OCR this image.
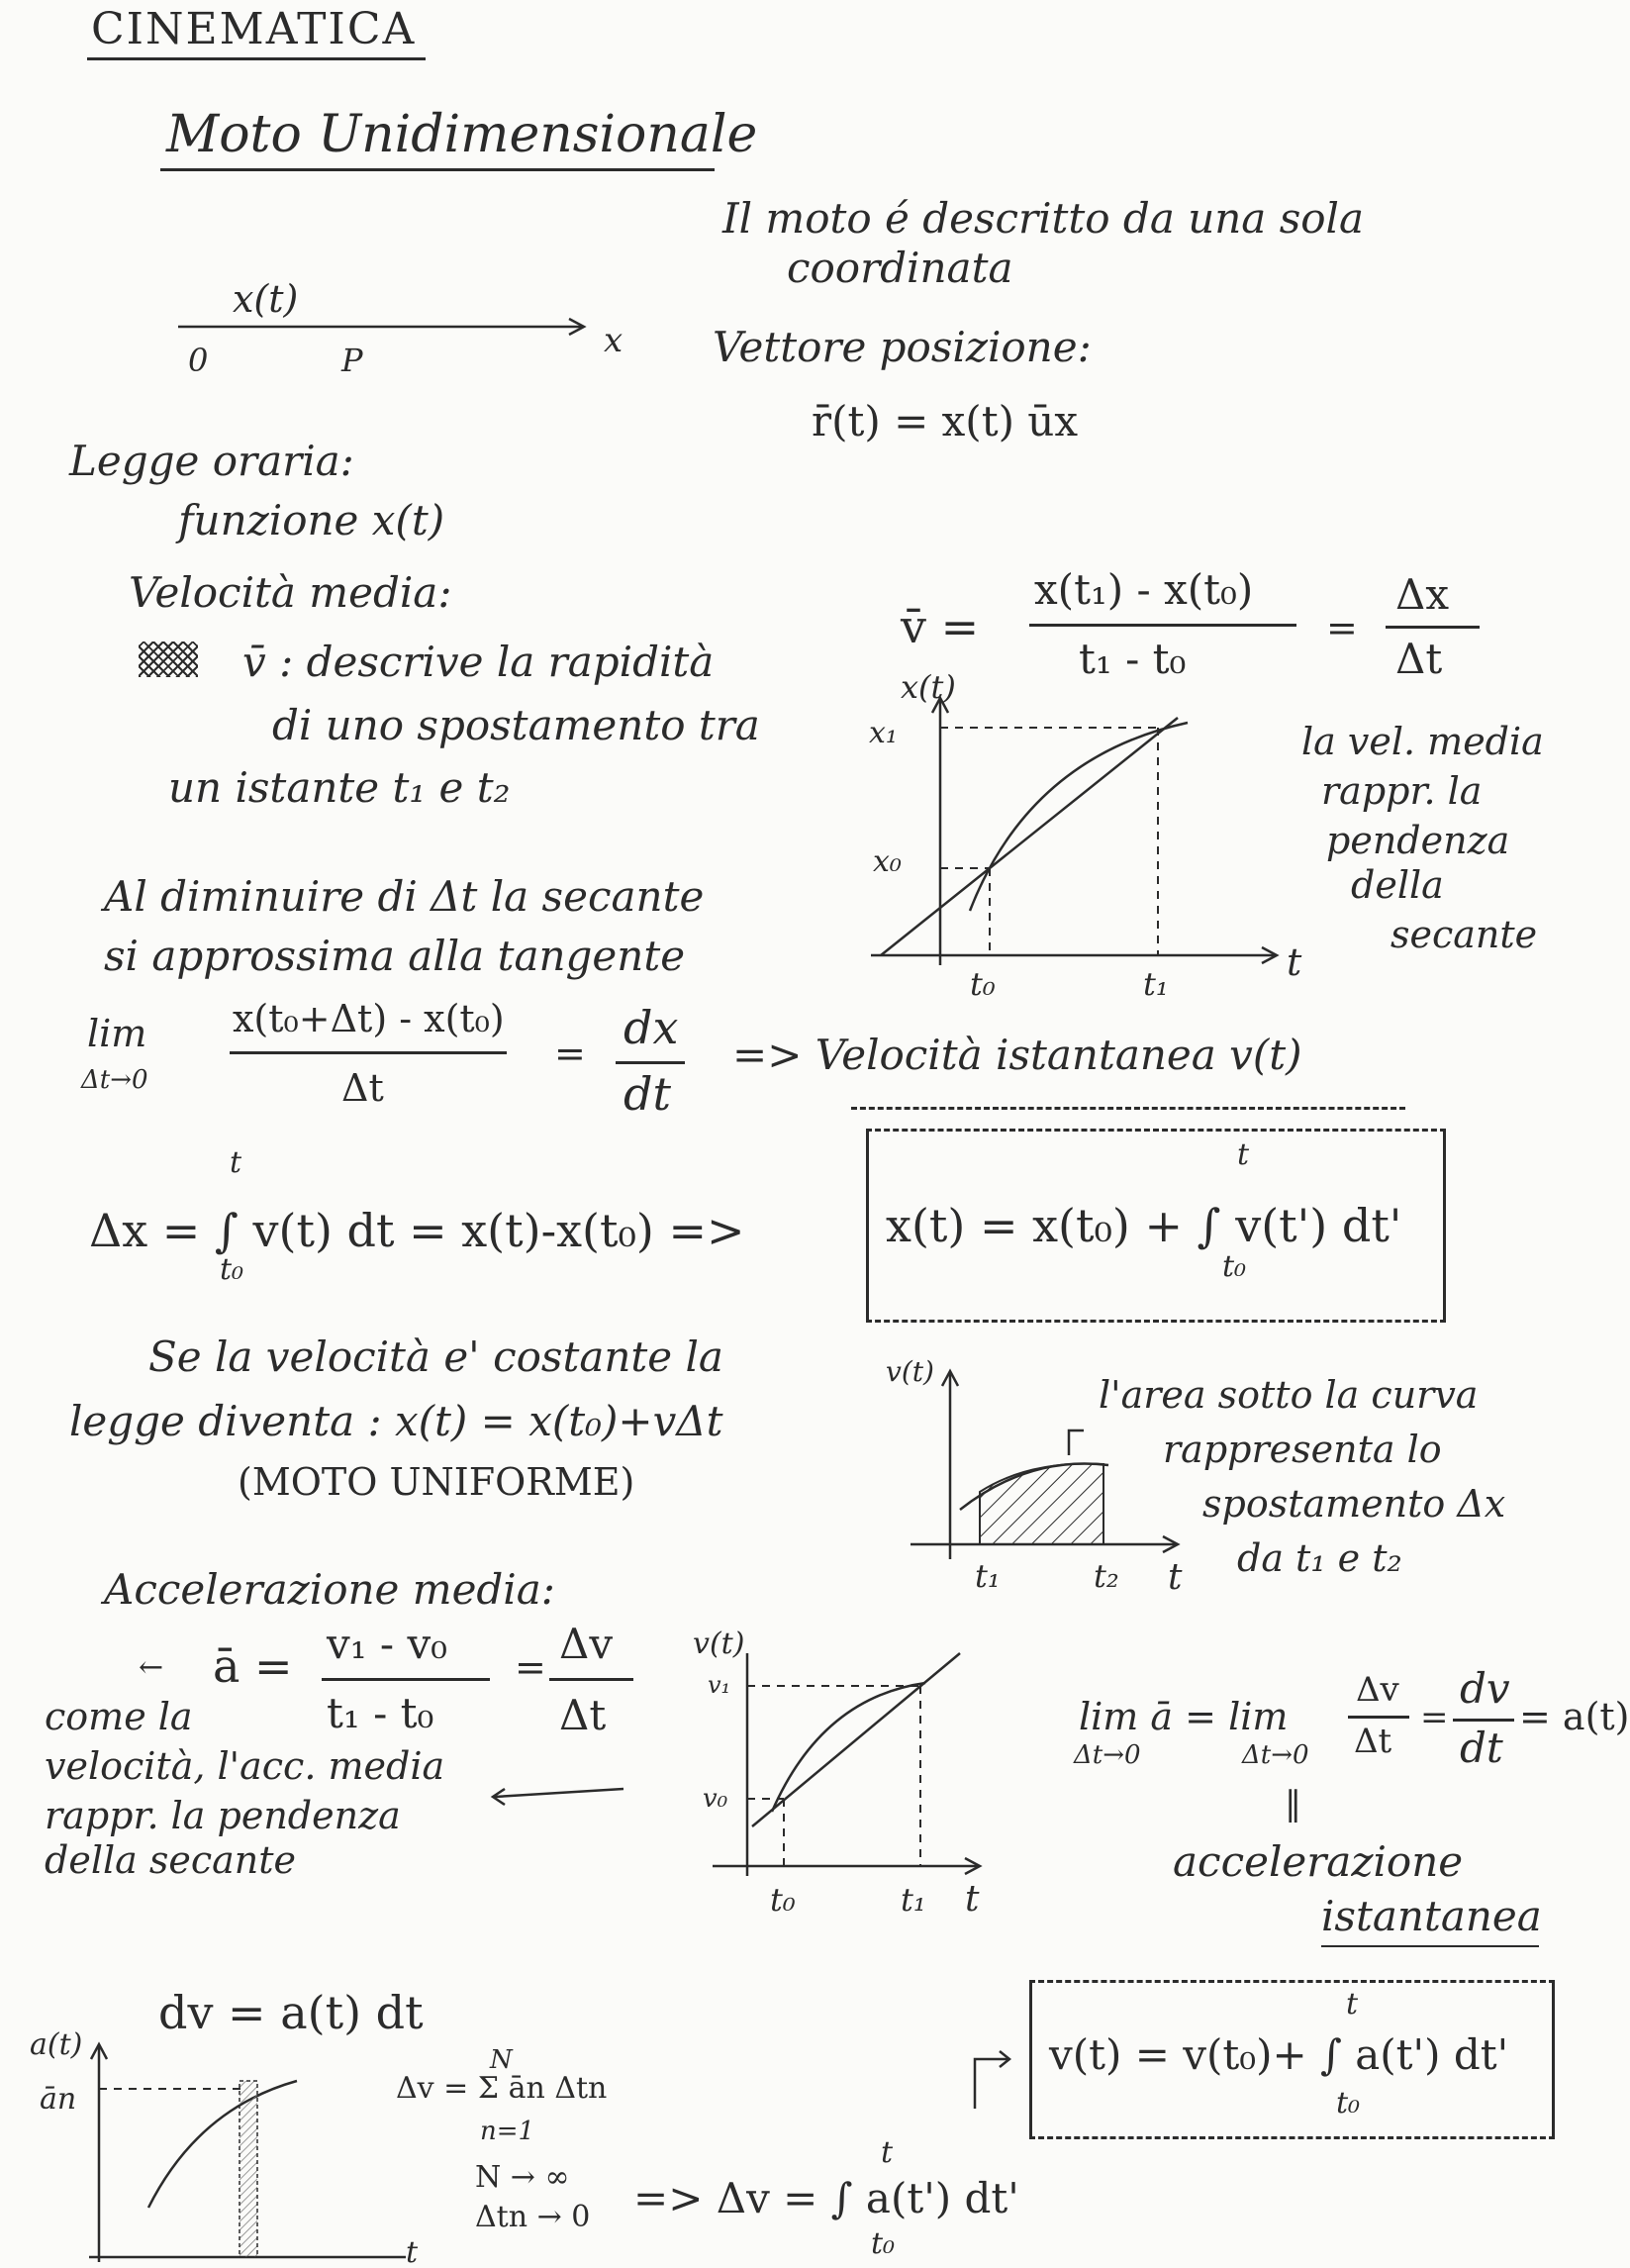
CINEMATICA
Moto Unidimensionale
Il moto é descritto da una sola
coordinata
Vettore posizione:
r̄(t) = x(t) ūx
0	P	x
x(t)
Legge oraria:
funzione x(t)
Velocità media:
v̄ : descrive la rapidità
di uno spostamento tra
un istante t₁ e t₂
v̄ =
x(t₁) - x(t₀)
t₁ - t₀
=
Δx
Δt
x(t)
x₁
x₀
t₀	t₁	t
la vel. media
rappr. la
pendenza
della
secante
Al diminuire di Δt la secante
si approssima alla tangente
lim
Δt→0
x(t₀+Δt) - x(t₀)
Δt
= dx
dt
=> Velocità istantanea v(t)
Δx = ∫ v(t) dt = x(t)-x(t₀) =>
t
t₀
x(t) = x(t₀) + ∫ v(t') dt'
t
t₀
Se la velocità e' costante la
legge diventa : x(t) = x(t₀)+vΔt
(MOTO UNIFORME)
v(t)
t₁	t₂ t
l'area sotto la curva
rappresenta lo
spostamento Δx
da t₁ e t₂
Accelerazione media:
← ā = v₁ - v₀
t₁ - t₀
= Δv
Δt
come la
velocità, l'acc. media
rappr. la pendenza
della secante
v(t)
v₁
v₀
t₀	t₁ t
lim ā = lim
Δt→0	Δt→0
Δv
Δt
=
dv
dt
= a(t)
‖
accelerazione
istantanea
dv = a(t) dt
Δv = Σ ān Δtn
N
n=1
N → ∞
Δtn → 0 => Δv = ∫ a(t') dt'
t
t₀
v(t) = v(t₀)+ ∫ a(t') dt'
t
t₀
a(t)
ān
t
